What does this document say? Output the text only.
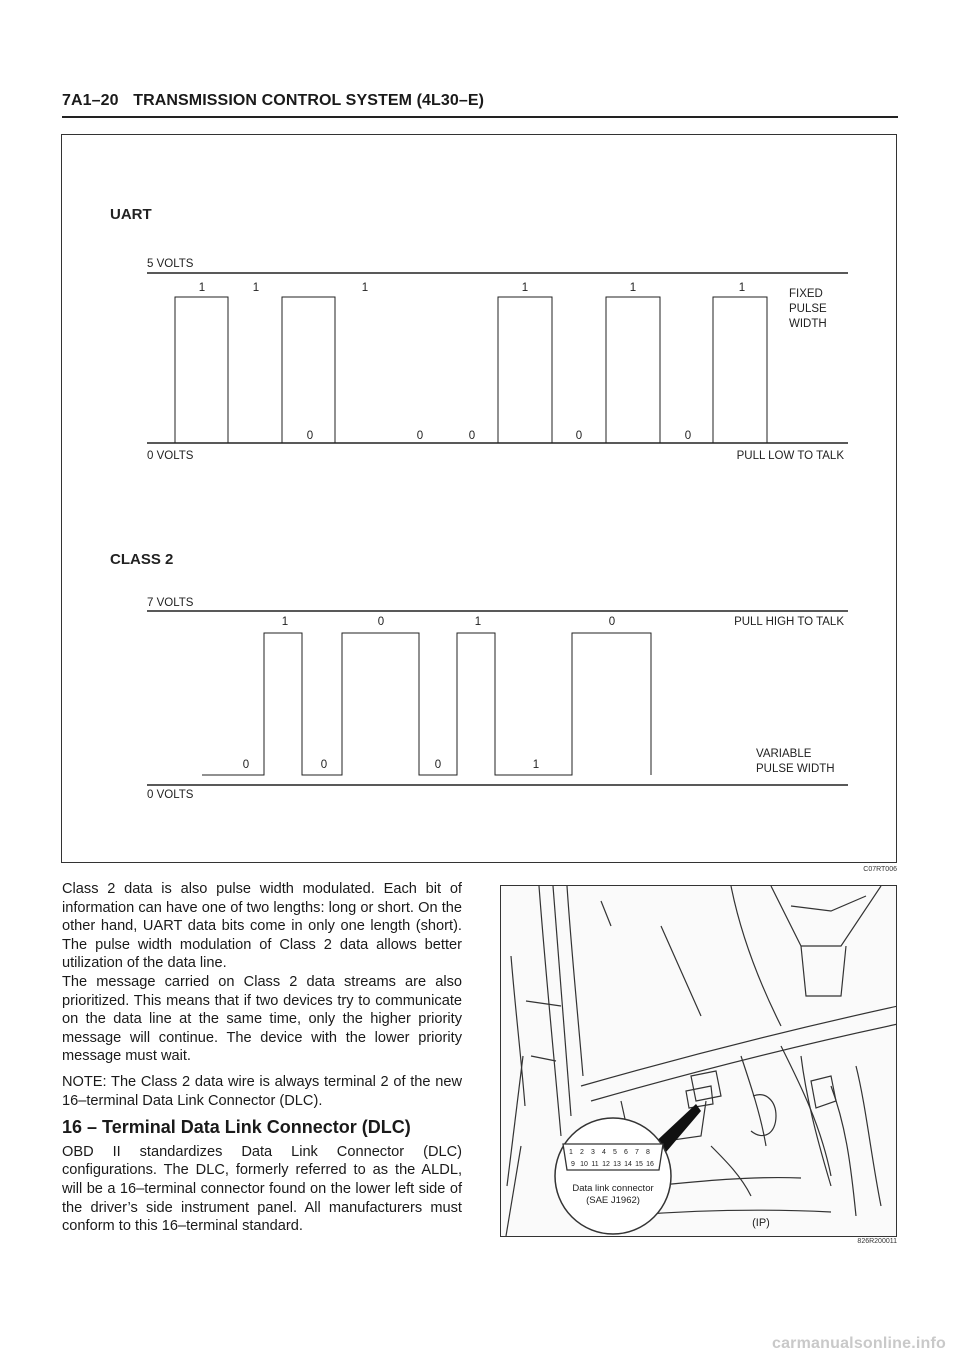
7A1–20 TRANSMISSION CONTROL SYSTEM (4L30–E)
UART
5 VOLTS
0 VOLTS	PULL LOW TO TALK
FIXED
PULSE
WIDTH
1	1
0
1
0	0
1
0
1
0
1
CLASS 2
7 VOLTS
PULL HIGH TO TALK
VARIABLE
PULSE WIDTH
0 VOLTS
1	0	1	0
0	0	0	1
C07RT006

Class 2 data is also pulse width modulated. Each bit of information can have one of two lengths: long or short. On the other hand, UART data bits come in only one length (short). The pulse width modulation of Class 2 data allows better utilization of the data line.

The message carried on Class 2 data streams are also prioritized. This means that if two devices try to communicate on the data line at the same time, only the higher priority message will continue. The device with the lower priority message must wait.

NOTE: The Class 2 data wire is always terminal 2 of the new 16–terminal Data Link Connector (DLC).

16 – Terminal Data Link Connector (DLC)

OBD II standardizes Data Link Connector (DLC) configurations. The DLC, formerly referred to as the ALDL, will be a 16–terminal connector found on the lower left side of the driver’s side instrument panel. All manufacturers must conform to this 16–terminal standard.

1 2 3 4 5 6 7 8
9 10 11 12 13 14 15 16
Data link connector
(SAE J1962)
(IP)
826R200011
carmanualsonline.info
